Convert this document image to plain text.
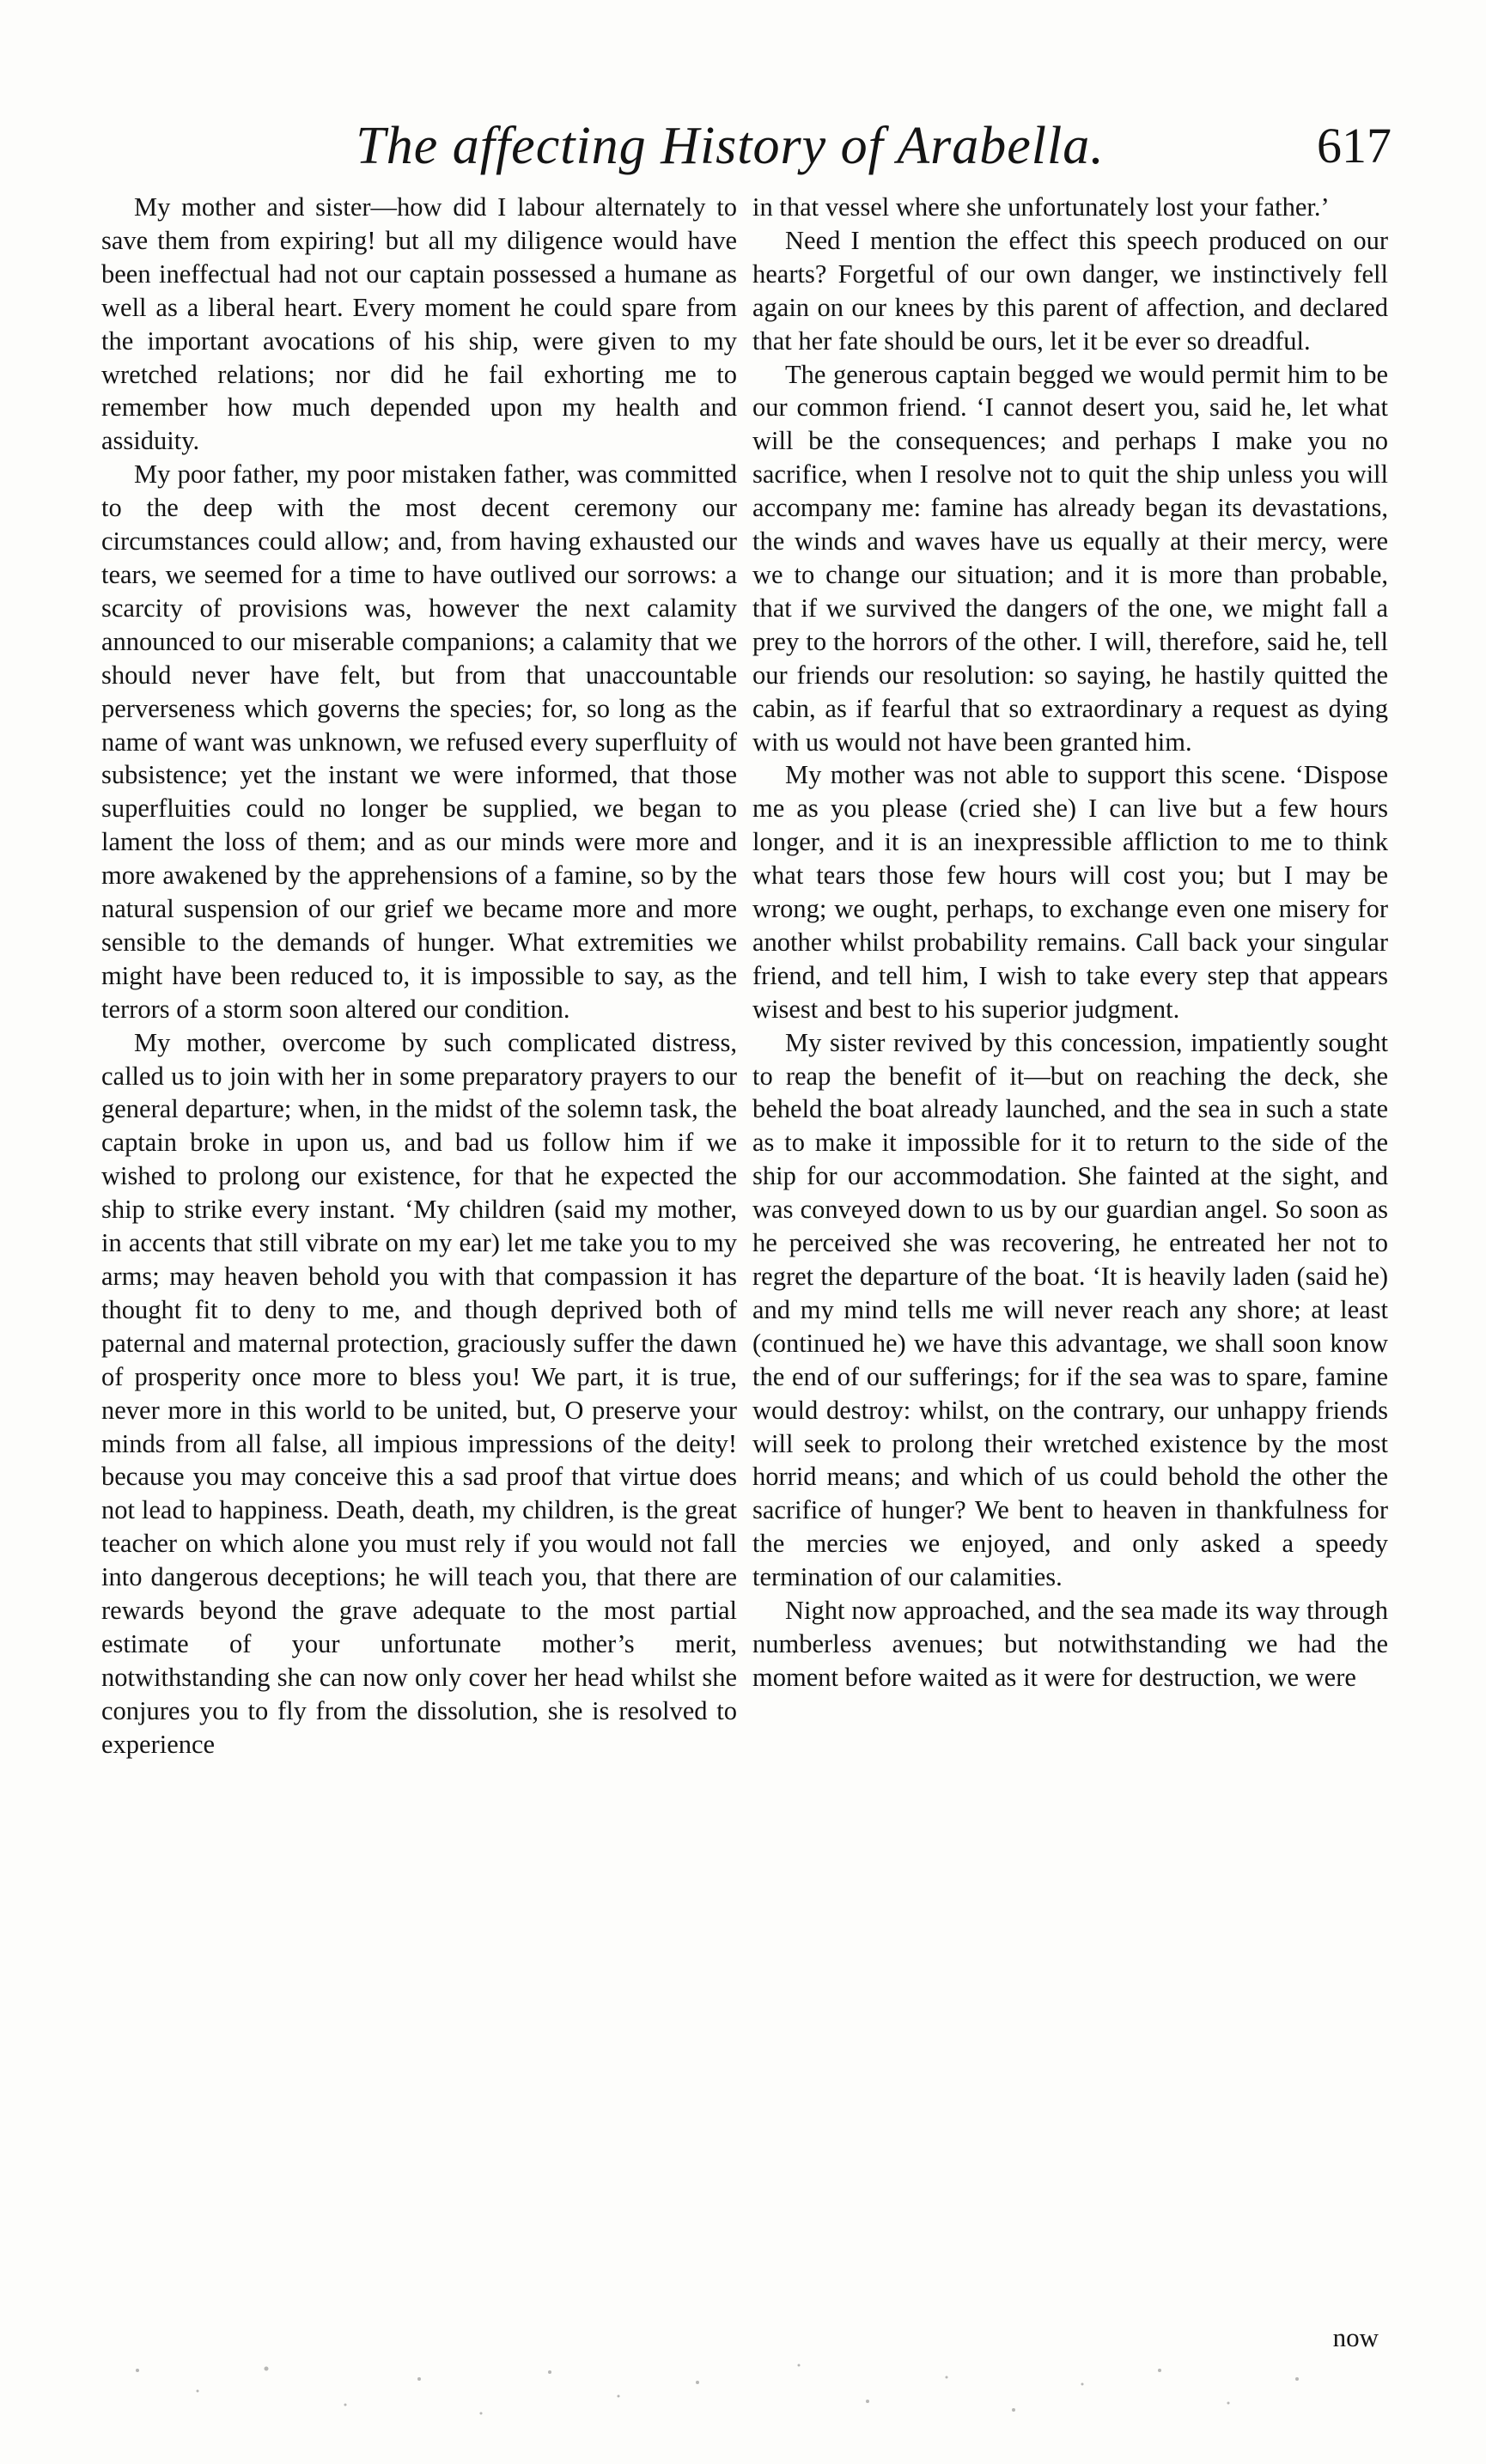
The affecting History of Arabella.	617

My mother and sister—how did I labour alternately to save them from expiring! but all my diligence would have been ineffectual had not our captain possessed a humane as well as a liberal heart. Every moment he could spare from the important avocations of his ship, were given to my wretched relations; nor did he fail exhorting me to remember how much depended upon my health and assiduity.

My poor father, my poor mistaken father, was committed to the deep with the most decent ceremony our circumstances could allow; and, from having exhausted our tears, we seemed for a time to have outlived our sorrows: a scarcity of provisions was, however the next calamity announced to our miserable companions; a calamity that we should never have felt, but from that unaccountable perverseness which governs the species; for, so long as the name of want was unknown, we refused every superfluity of subsistence; yet the instant we were informed, that those superfluities could no longer be supplied, we began to lament the loss of them; and as our minds were more and more awakened by the apprehensions of a famine, so by the natural suspension of our grief we became more and more sensible to the demands of hunger. What extremities we might have been reduced to, it is impossible to say, as the terrors of a storm soon altered our condition.

My mother, overcome by such complicated distress, called us to join with her in some preparatory prayers to our general departure; when, in the midst of the solemn task, the captain broke in upon us, and bad us follow him if we wished to prolong our existence, for that he expected the ship to strike every instant. ‘My children (said my mother, in accents that still vibrate on my ear) let me take you to my arms; may heaven behold you with that compassion it has thought fit to deny to me, and though deprived both of paternal and maternal protection, graciously suffer the dawn of prosperity once more to bless you! We part, it is true, never more in this world to be united, but, O preserve your minds from all false, all impious impressions of the deity! because you may conceive this a sad proof that virtue does not lead to happiness. Death, death, my children, is the great teacher on which alone you must rely if you would not fall into dangerous deceptions; he will teach you, that there are rewards beyond the grave adequate to the most partial estimate of your unfortunate mother’s merit, notwithstanding she can now only cover her head whilst she conjures you to fly from the dissolution, she is resolved to experience

in that vessel where she unfortunately lost your father.’

Need I mention the effect this speech produced on our hearts? Forgetful of our own danger, we instinctively fell again on our knees by this parent of affection, and declared that her fate should be ours, let it be ever so dreadful.

The generous captain begged we would permit him to be our common friend. ‘I cannot desert you, said he, let what will be the consequences; and perhaps I make you no sacrifice, when I resolve not to quit the ship unless you will accompany me: famine has already began its devastations, the winds and waves have us equally at their mercy, were we to change our situation; and it is more than probable, that if we survived the dangers of the one, we might fall a prey to the horrors of the other. I will, therefore, said he, tell our friends our resolution: so saying, he hastily quitted the cabin, as if fearful that so extraordinary a request as dying with us would not have been granted him.

My mother was not able to support this scene. ‘Dispose me as you please (cried she) I can live but a few hours longer, and it is an inexpressible affliction to me to think what tears those few hours will cost you; but I may be wrong; we ought, perhaps, to exchange even one misery for another whilst probability remains. Call back your singular friend, and tell him, I wish to take every step that appears wisest and best to his superior judgment.

My sister revived by this concession, impatiently sought to reap the benefit of it—but on reaching the deck, she beheld the boat already launched, and the sea in such a state as to make it impossible for it to return to the side of the ship for our accommodation. She fainted at the sight, and was conveyed down to us by our guardian angel. So soon as he perceived she was recovering, he entreated her not to regret the departure of the boat. ‘It is heavily laden (said he) and my mind tells me will never reach any shore; at least (continued he) we have this advantage, we shall soon know the end of our sufferings; for if the sea was to spare, famine would destroy: whilst, on the contrary, our unhappy friends will seek to prolong their wretched existence by the most horrid means; and which of us could behold the other the sacrifice of hunger? We bent to heaven in thankfulness for the mercies we enjoyed, and only asked a speedy termination of our calamities.

Night now approached, and the sea made its way through numberless avenues; but notwithstanding we had the moment before waited as it were for destruction, we were

now
